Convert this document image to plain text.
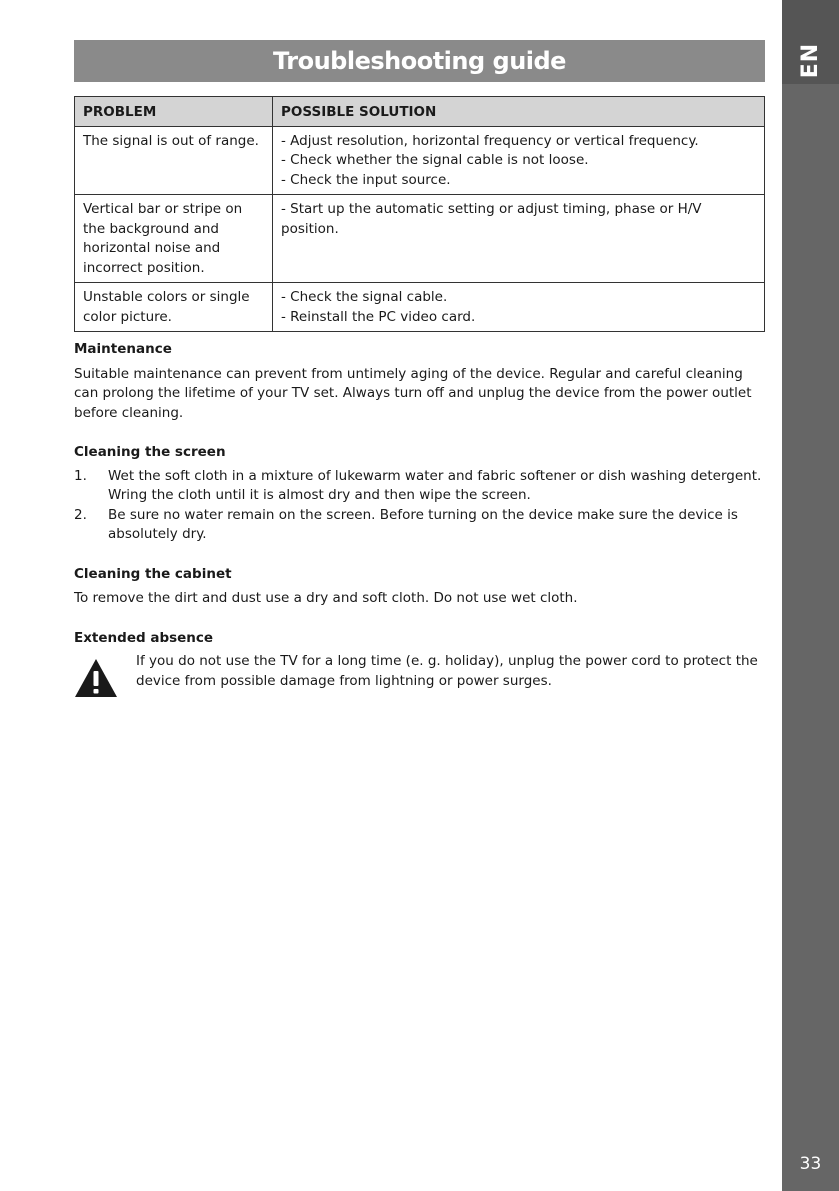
EN
33
Troubleshooting guide
PROBLEM	POSSIBLE SOLUTION
The signal is out of range.	- Adjust resolution, horizontal frequency or vertical frequency.
- Check whether the signal cable is not loose.
- Check the input source.

Vertical bar or stripe on the background and horizontal noise and incorrect position.	- Start up the automatic setting or adjust timing, phase or H/V position.

Unstable colors or single color picture.	- Check the signal cable.
- Reinstall the PC video card.
Maintenance

Suitable maintenance can prevent from untimely aging of the device. Regular and careful cleaning can prolong the lifetime of your TV set. Always turn off and unplug the device from the power outlet before cleaning.

Cleaning the screen
1.	Wet the soft cloth in a mixture of lukewarm water and fabric softener or dish washing detergent. Wring the cloth until it is almost dry and then wipe the screen.
2.	Be sure no water remain on the screen. Before turning on the device make sure the device is absolutely dry.
Cleaning the cabinet

To remove the dirt and dust use a dry and soft cloth. Do not use wet cloth.

Extended absence

If you do not use the TV for a long time (e. g. holiday), unplug the power cord to protect the device from possible damage from lightning or power surges.
